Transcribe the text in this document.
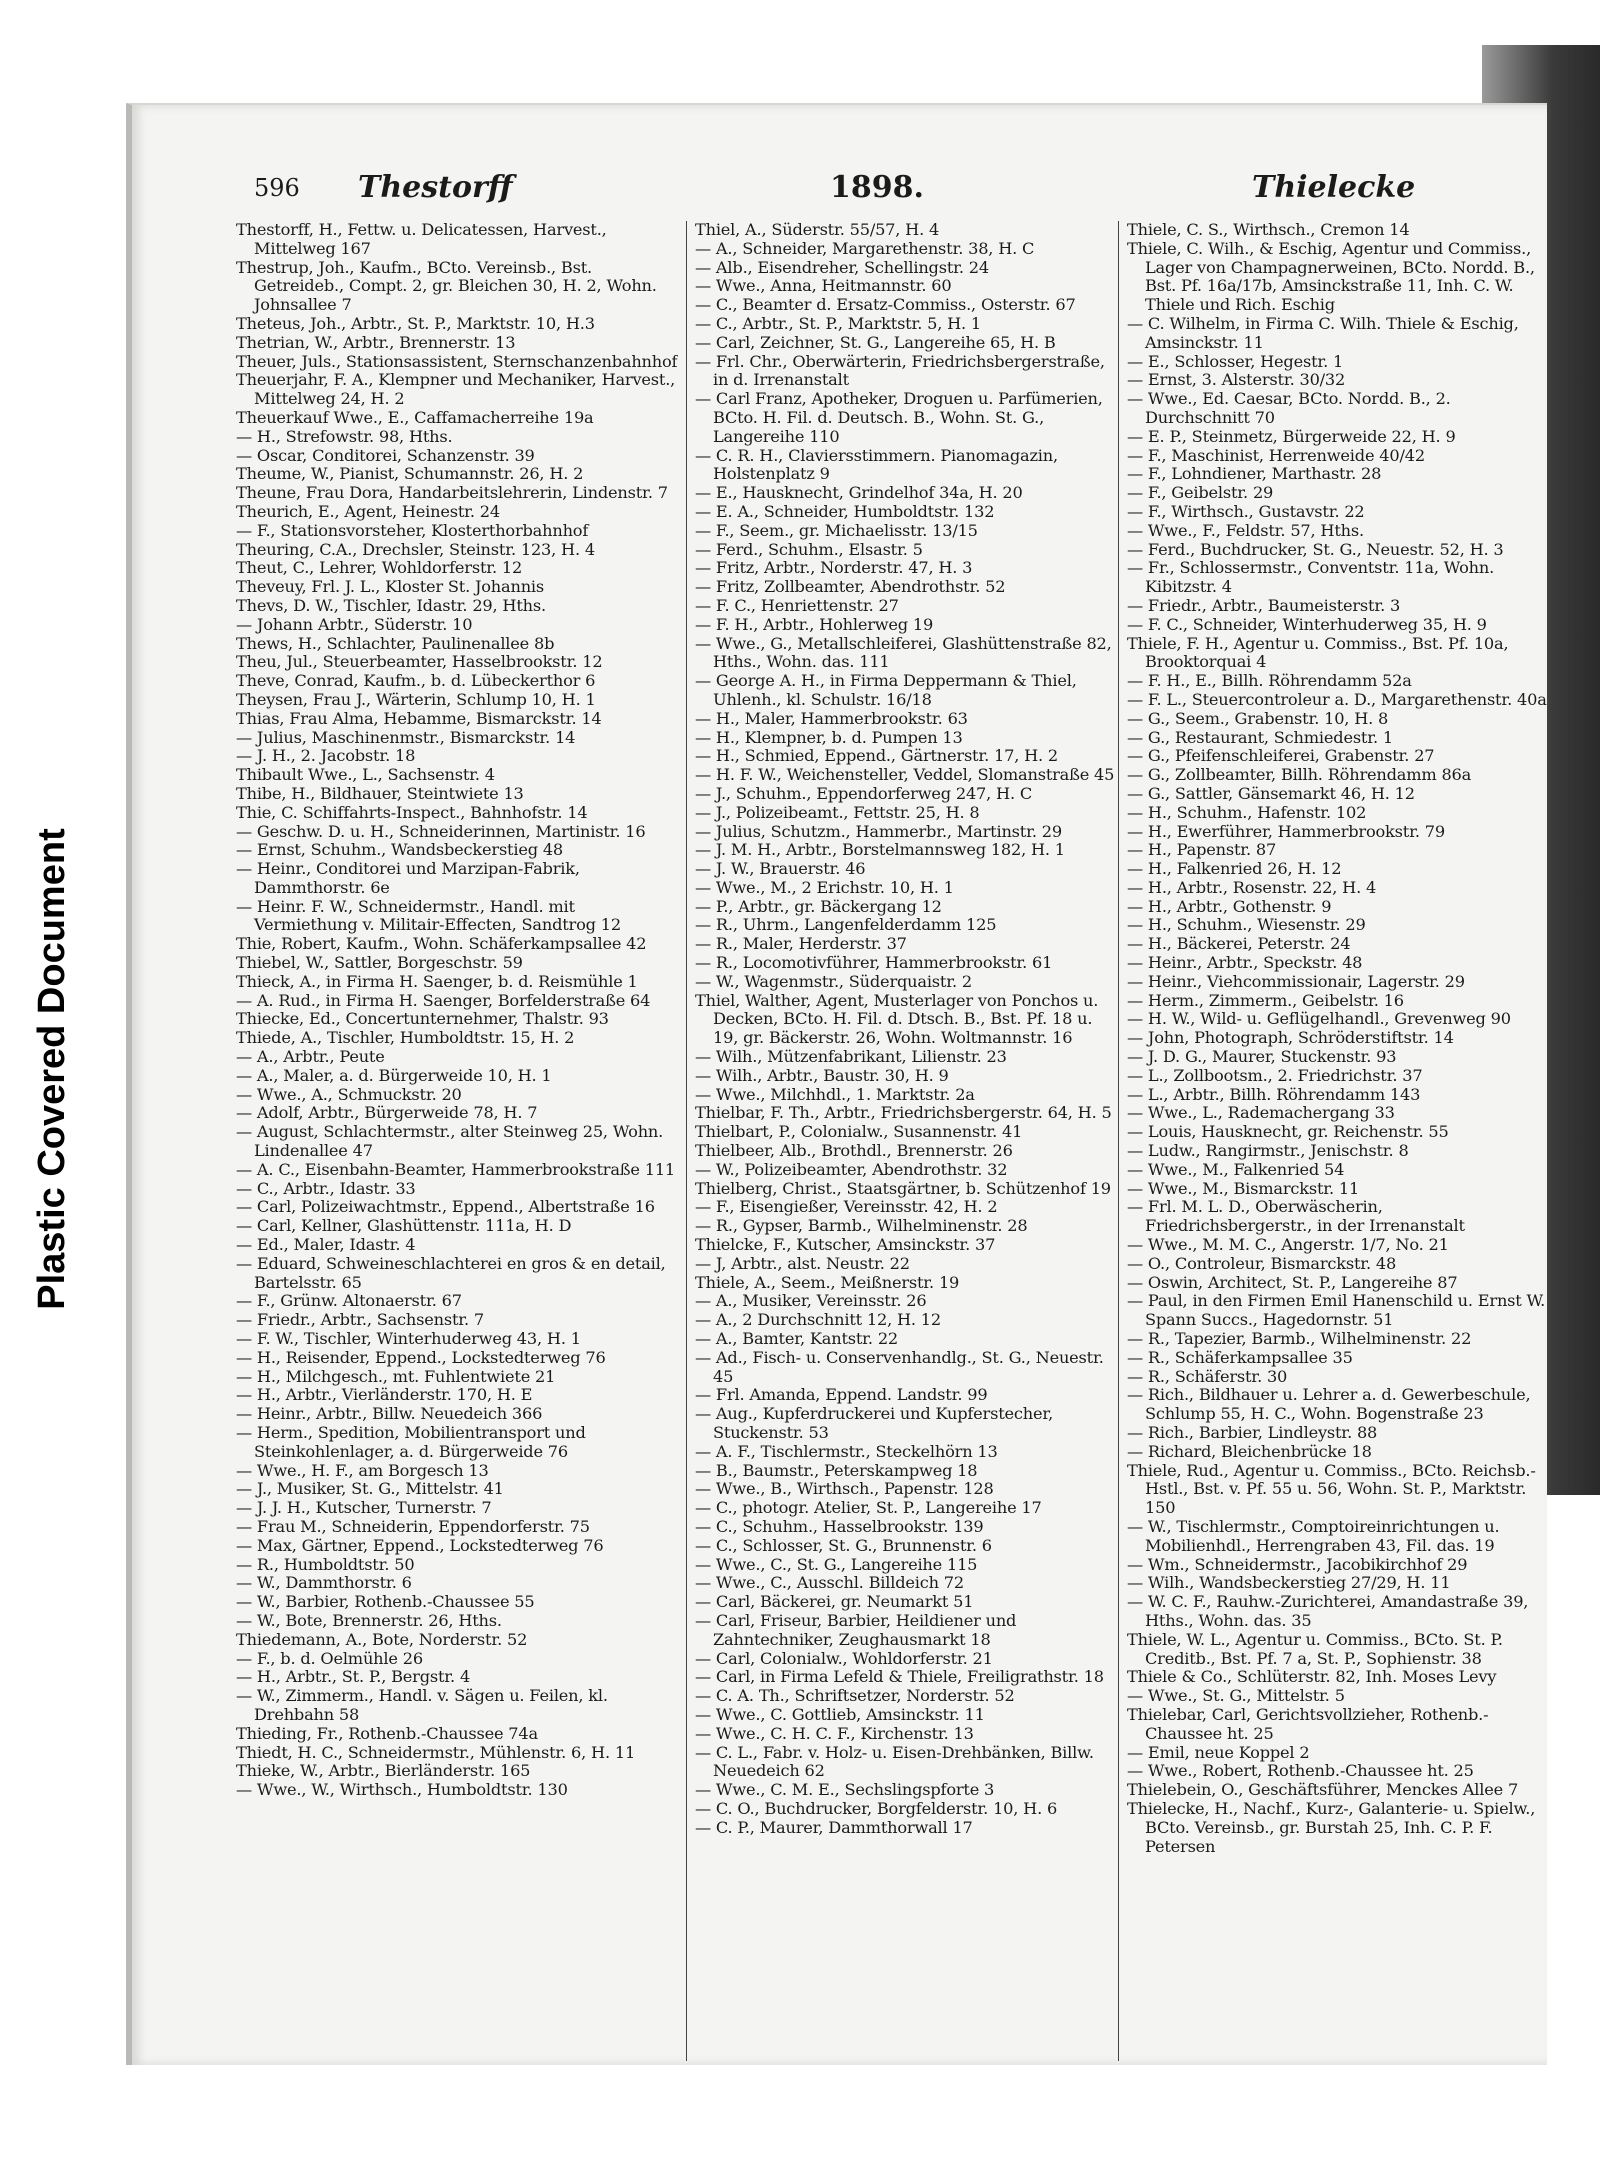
Plastic Covered Document
596 Thestorff	1898.	Thielecke

Thestorff, H., Fettw. u. Delicatessen, Harvest., Mittelweg 167

Thestrup, Joh., Kaufm., BCto. Vereinsb., Bst. Getreideb., Compt. 2, gr. Bleichen 30, H. 2, Wohn. Johnsallee 7

Theteus, Joh., Arbtr., St. P., Marktstr. 10, H.3

Thetrian, W., Arbtr., Brennerstr. 13

Theuer, Juls., Stationsassistent, Sternschanzenbahnhof

Theuerjahr, F. A., Klempner und Mechaniker, Harvest., Mittelweg 24, H. 2

Theuerkauf Wwe., E., Caffamacherreihe 19a

— H., Strefowstr. 98, Hths.

— Oscar, Conditorei, Schanzenstr. 39

Theume, W., Pianist, Schumannstr. 26, H. 2

Theune, Frau Dora, Handarbeitslehrerin, Lindenstr. 7

Theurich, E., Agent, Heinestr. 24

— F., Stationsvorsteher, Klosterthorbahnhof

Theuring, C.A., Drechsler, Steinstr. 123, H. 4

Theut, C., Lehrer, Wohldorferstr. 12

Theveuy, Frl. J. L., Kloster St. Johannis

Thevs, D. W., Tischler, Idastr. 29, Hths.

— Johann Arbtr., Süderstr. 10

Thews, H., Schlachter, Paulinenallee 8b

Theu, Jul., Steuerbeamter, Hasselbrookstr. 12

Theve, Conrad, Kaufm., b. d. Lübeckerthor 6

Theysen, Frau J., Wärterin, Schlump 10, H. 1

Thias, Frau Alma, Hebamme, Bismarckstr. 14

— Julius, Maschinenmstr., Bismarckstr. 14

— J. H., 2. Jacobstr. 18

Thibault Wwe., L., Sachsenstr. 4

Thibe, H., Bildhauer, Steintwiete 13

Thie, C. Schiffahrts-Inspect., Bahnhofstr. 14

— Geschw. D. u. H., Schneiderinnen, Martinistr. 16

— Ernst, Schuhm., Wandsbeckerstieg 48

— Heinr., Conditorei und Marzipan-Fabrik, Dammthorstr. 6e

— Heinr. F. W., Schneidermstr., Handl. mit Vermiethung v. Militair-Effecten, Sandtrog 12

Thie, Robert, Kaufm., Wohn. Schäferkampsallee 42

Thiebel, W., Sattler, Borgeschstr. 59

Thieck, A., in Firma H. Saenger, b. d. Reismühle 1

— A. Rud., in Firma H. Saenger, Borfelderstraße 64

Thiecke, Ed., Concertunternehmer, Thalstr. 93

Thiede, A., Tischler, Humboldtstr. 15, H. 2

— A., Arbtr., Peute

— A., Maler, a. d. Bürgerweide 10, H. 1

— Wwe., A., Schmuckstr. 20

— Adolf, Arbtr., Bürgerweide 78, H. 7

— August, Schlachtermstr., alter Steinweg 25, Wohn. Lindenallee 47

— A. C., Eisenbahn-Beamter, Hammerbrookstraße 111

— C., Arbtr., Idastr. 33

— Carl, Polizeiwachtmstr., Eppend., Albertstraße 16

— Carl, Kellner, Glashüttenstr. 111a, H. D

— Ed., Maler, Idastr. 4

— Eduard, Schweineschlachterei en gros & en detail, Bartelsstr. 65

— F., Grünw. Altonaerstr. 67

— Friedr., Arbtr., Sachsenstr. 7

— F. W., Tischler, Winterhuderweg 43, H. 1

— H., Reisender, Eppend., Lockstedterweg 76

— H., Milchgesch., mt. Fuhlentwiete 21

— H., Arbtr., Vierländerstr. 170, H. E

— Heinr., Arbtr., Billw. Neuedeich 366

— Herm., Spedition, Mobilientransport und Steinkohlenlager, a. d. Bürgerweide 76

— Wwe., H. F., am Borgesch 13

— J., Musiker, St. G., Mittelstr. 41

— J. J. H., Kutscher, Turnerstr. 7

— Frau M., Schneiderin, Eppendorferstr. 75

— Max, Gärtner, Eppend., Lockstedterweg 76

— R., Humboldtstr. 50

— W., Dammthorstr. 6

— W., Barbier, Rothenb.-Chaussee 55

— W., Bote, Brennerstr. 26, Hths.

Thiedemann, A., Bote, Norderstr. 52

— F., b. d. Oelmühle 26

— H., Arbtr., St. P., Bergstr. 4

— W., Zimmerm., Handl. v. Sägen u. Feilen, kl. Drehbahn 58

Thieding, Fr., Rothenb.-Chaussee 74a

Thiedt, H. C., Schneidermstr., Mühlenstr. 6, H. 11

Thieke, W., Arbtr., Bierländerstr. 165

— Wwe., W., Wirthsch., Humboldtstr. 130

Thiel, A., Süderstr. 55/57, H. 4

— A., Schneider, Margarethenstr. 38, H. C

— Alb., Eisendreher, Schellingstr. 24

— Wwe., Anna, Heitmannstr. 60

— C., Beamter d. Ersatz-Commiss., Osterstr. 67

— C., Arbtr., St. P., Marktstr. 5, H. 1

— Carl, Zeichner, St. G., Langereihe 65, H. B

— Frl. Chr., Oberwärterin, Friedrichsbergerstraße, in d. Irrenanstalt

— Carl Franz, Apotheker, Droguen u. Parfümerien, BCto. H. Fil. d. Deutsch. B., Wohn. St. G., Langereihe 110

— C. R. H., Claviersstimmern. Pianomagazin, Holstenplatz 9

— E., Hausknecht, Grindelhof 34a, H. 20

— E. A., Schneider, Humboldtstr. 132

— F., Seem., gr. Michaelisstr. 13/15

— Ferd., Schuhm., Elsastr. 5

— Fritz, Arbtr., Norderstr. 47, H. 3

— Fritz, Zollbeamter, Abendrothstr. 52

— F. C., Henriettenstr. 27

— F. H., Arbtr., Hohlerweg 19

— Wwe., G., Metallschleiferei, Glashüttenstraße 82, Hths., Wohn. das. 111

— George A. H., in Firma Deppermann & Thiel, Uhlenh., kl. Schulstr. 16/18

— H., Maler, Hammerbrookstr. 63

— H., Klempner, b. d. Pumpen 13

— H., Schmied, Eppend., Gärtnerstr. 17, H. 2

— H. F. W., Weichensteller, Veddel, Slomanstraße 45

— J., Schuhm., Eppendorferweg 247, H. C

— J., Polizeibeamt., Fettstr. 25, H. 8

— Julius, Schutzm., Hammerbr., Martinstr. 29

— J. M. H., Arbtr., Borstelmannsweg 182, H. 1

— J. W., Brauerstr. 46

— Wwe., M., 2 Erichstr. 10, H. 1

— P., Arbtr., gr. Bäckergang 12

— R., Uhrm., Langenfelderdamm 125

— R., Maler, Herderstr. 37

— R., Locomotivführer, Hammerbrookstr. 61

— W., Wagenmstr., Süderquaistr. 2

Thiel, Walther, Agent, Musterlager von Ponchos u. Decken, BCto. H. Fil. d. Dtsch. B., Bst. Pf. 18 u. 19, gr. Bäckerstr. 26, Wohn. Woltmannstr. 16

— Wilh., Mützenfabrikant, Lilienstr. 23

— Wilh., Arbtr., Baustr. 30, H. 9

— Wwe., Milchhdl., 1. Marktstr. 2a

Thielbar, F. Th., Arbtr., Friedrichsbergerstr. 64, H. 5

Thielbart, P., Colonialw., Susannenstr. 41

Thielbeer, Alb., Brothdl., Brennerstr. 26

— W., Polizeibeamter, Abendrothstr. 32

Thielberg, Christ., Staatsgärtner, b. Schützenhof 19

— F., Eisengießer, Vereinsstr. 42, H. 2

— R., Gypser, Barmb., Wilhelminenstr. 28

Thielcke, F., Kutscher, Amsinckstr. 37

— J, Arbtr., alst. Neustr. 22

Thiele, A., Seem., Meißnerstr. 19

— A., Musiker, Vereinsstr. 26

— A., 2 Durchschnitt 12, H. 12

— A., Bamter, Kantstr. 22

— Ad., Fisch- u. Conservenhandlg., St. G., Neuestr. 45

— Frl. Amanda, Eppend. Landstr. 99

— Aug., Kupferdruckerei und Kupferstecher, Stuckenstr. 53

— A. F., Tischlermstr., Steckelhörn 13

— B., Baumstr., Peterskampweg 18

— Wwe., B., Wirthsch., Papenstr. 128

— C., photogr. Atelier, St. P., Langereihe 17

— C., Schuhm., Hasselbrookstr. 139

— C., Schlosser, St. G., Brunnenstr. 6

— Wwe., C., St. G., Langereihe 115

— Wwe., C., Ausschl. Billdeich 72

— Carl, Bäckerei, gr. Neumarkt 51

— Carl, Friseur, Barbier, Heildiener und Zahntechniker, Zeughausmarkt 18

— Carl, Colonialw., Wohldorferstr. 21

— Carl, in Firma Lefeld & Thiele, Freiligrathstr. 18

— C. A. Th., Schriftsetzer, Norderstr. 52

— Wwe., C. Gottlieb, Amsinckstr. 11

— Wwe., C. H. C. F., Kirchenstr. 13

— C. L., Fabr. v. Holz- u. Eisen-Drehbänken, Billw. Neuedeich 62

— Wwe., C. M. E., Sechslingspforte 3

— C. O., Buchdrucker, Borgfelderstr. 10, H. 6

— C. P., Maurer, Dammthorwall 17

Thiele, C. S., Wirthsch., Cremon 14

Thiele, C. Wilh., & Eschig, Agentur und Commiss., Lager von Champagnerweinen, BCto. Nordd. B., Bst. Pf. 16a/17b, Amsinckstraße 11, Inh. C. W. Thiele und Rich. Eschig

— C. Wilhelm, in Firma C. Wilh. Thiele & Eschig, Amsinckstr. 11

— E., Schlosser, Hegestr. 1

— Ernst, 3. Alsterstr. 30/32

— Wwe., Ed. Caesar, BCto. Nordd. B., 2. Durchschnitt 70

— E. P., Steinmetz, Bürgerweide 22, H. 9

— F., Maschinist, Herrenweide 40/42

— F., Lohndiener, Marthastr. 28

— F., Geibelstr. 29

— F., Wirthsch., Gustavstr. 22

— Wwe., F., Feldstr. 57, Hths.

— Ferd., Buchdrucker, St. G., Neuestr. 52, H. 3

— Fr., Schlossermstr., Conventstr. 11a, Wohn. Kibitzstr. 4

— Friedr., Arbtr., Baumeisterstr. 3

— F. C., Schneider, Winterhuderweg 35, H. 9

Thiele, F. H., Agentur u. Commiss., Bst. Pf. 10a, Brooktorquai 4

— F. H., E., Billh. Röhrendamm 52a

— F. L., Steuercontroleur a. D., Margarethenstr. 40a

— G., Seem., Grabenstr. 10, H. 8

— G., Restaurant, Schmiedestr. 1

— G., Pfeifenschleiferei, Grabenstr. 27

— G., Zollbeamter, Billh. Röhrendamm 86a

— G., Sattler, Gänsemarkt 46, H. 12

— H., Schuhm., Hafenstr. 102

— H., Ewerführer, Hammerbrookstr. 79

— H., Papenstr. 87

— H., Falkenried 26, H. 12

— H., Arbtr., Rosenstr. 22, H. 4

— H., Arbtr., Gothenstr. 9

— H., Schuhm., Wiesenstr. 29

— H., Bäckerei, Peterstr. 24

— Heinr., Arbtr., Speckstr. 48

— Heinr., Viehcommissionair, Lagerstr. 29

— Herm., Zimmerm., Geibelstr. 16

— H. W., Wild- u. Geflügelhandl., Grevenweg 90

— John, Photograph, Schröderstiftstr. 14

— J. D. G., Maurer, Stuckenstr. 93

— L., Zollbootsm., 2. Friedrichstr. 37

— L., Arbtr., Billh. Röhrendamm 143

— Wwe., L., Rademachergang 33

— Louis, Hausknecht, gr. Reichenstr. 55

— Ludw., Rangirmstr., Jenischstr. 8

— Wwe., M., Falkenried 54

— Wwe., M., Bismarckstr. 11

— Frl. M. L. D., Oberwäscherin, Friedrichsbergerstr., in der Irrenanstalt

— Wwe., M. M. C., Angerstr. 1/7, No. 21

— O., Controleur, Bismarckstr. 48

— Oswin, Architect, St. P., Langereihe 87

— Paul, in den Firmen Emil Hanenschild u. Ernst W. Spann Succs., Hagedornstr. 51

— R., Tapezier, Barmb., Wilhelminenstr. 22

— R., Schäferkampsallee 35

— R., Schäferstr. 30

— Rich., Bildhauer u. Lehrer a. d. Gewerbeschule, Schlump 55, H. C., Wohn. Bogenstraße 23

— Rich., Barbier, Lindleystr. 88

— Richard, Bleichenbrücke 18

Thiele, Rud., Agentur u. Commiss., BCto. Reichsb.-Hstl., Bst. v. Pf. 55 u. 56, Wohn. St. P., Marktstr. 150

— W., Tischlermstr., Comptoireinrichtungen u. Mobilienhdl., Herrengraben 43, Fil. das. 19

— Wm., Schneidermstr., Jacobikirchhof 29

— Wilh., Wandsbeckerstieg 27/29, H. 11

— W. C. F., Rauhw.-Zurichterei, Amandastraße 39, Hths., Wohn. das. 35

Thiele, W. L., Agentur u. Commiss., BCto. St. P. Creditb., Bst. Pf. 7 a, St. P., Sophienstr. 38

Thiele & Co., Schlüterstr. 82, Inh. Moses Levy

— Wwe., St. G., Mittelstr. 5

Thielebar, Carl, Gerichtsvollzieher, Rothenb.-Chaussee ht. 25

— Emil, neue Koppel 2

— Wwe., Robert, Rothenb.-Chaussee ht. 25

Thielebein, O., Geschäftsführer, Menckes Allee 7

Thielecke, H., Nachf., Kurz-, Galanterie- u. Spielw., BCto. Vereinsb., gr. Burstah 25, Inh. C. P. F. Petersen
